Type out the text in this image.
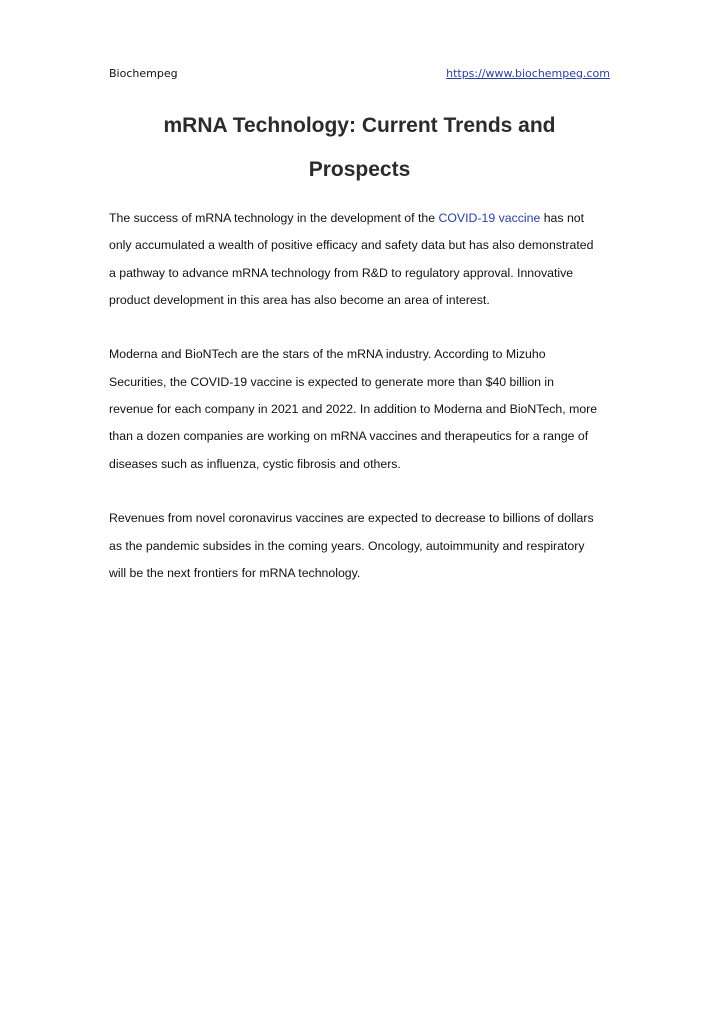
Biochempeg	https://www.biochempeg.com
mRNA Technology: Current Trends and
Prospects

The success of mRNA technology in the development of the COVID-19 vaccine has not
only accumulated a wealth of positive efficacy and safety data but has also demonstrated
a pathway to advance mRNA technology from R&D to regulatory approval. Innovative
product development in this area has also become an area of interest.

Moderna and BioNTech are the stars of the mRNA industry. According to Mizuho
Securities, the COVID-19 vaccine is expected to generate more than $40 billion in
revenue for each company in 2021 and 2022. In addition to Moderna and BioNTech, more
than a dozen companies are working on mRNA vaccines and therapeutics for a range of
diseases such as influenza, cystic fibrosis and others.

Revenues from novel coronavirus vaccines are expected to decrease to billions of dollars
as the pandemic subsides in the coming years. Oncology, autoimmunity and respiratory
will be the next frontiers for mRNA technology.
